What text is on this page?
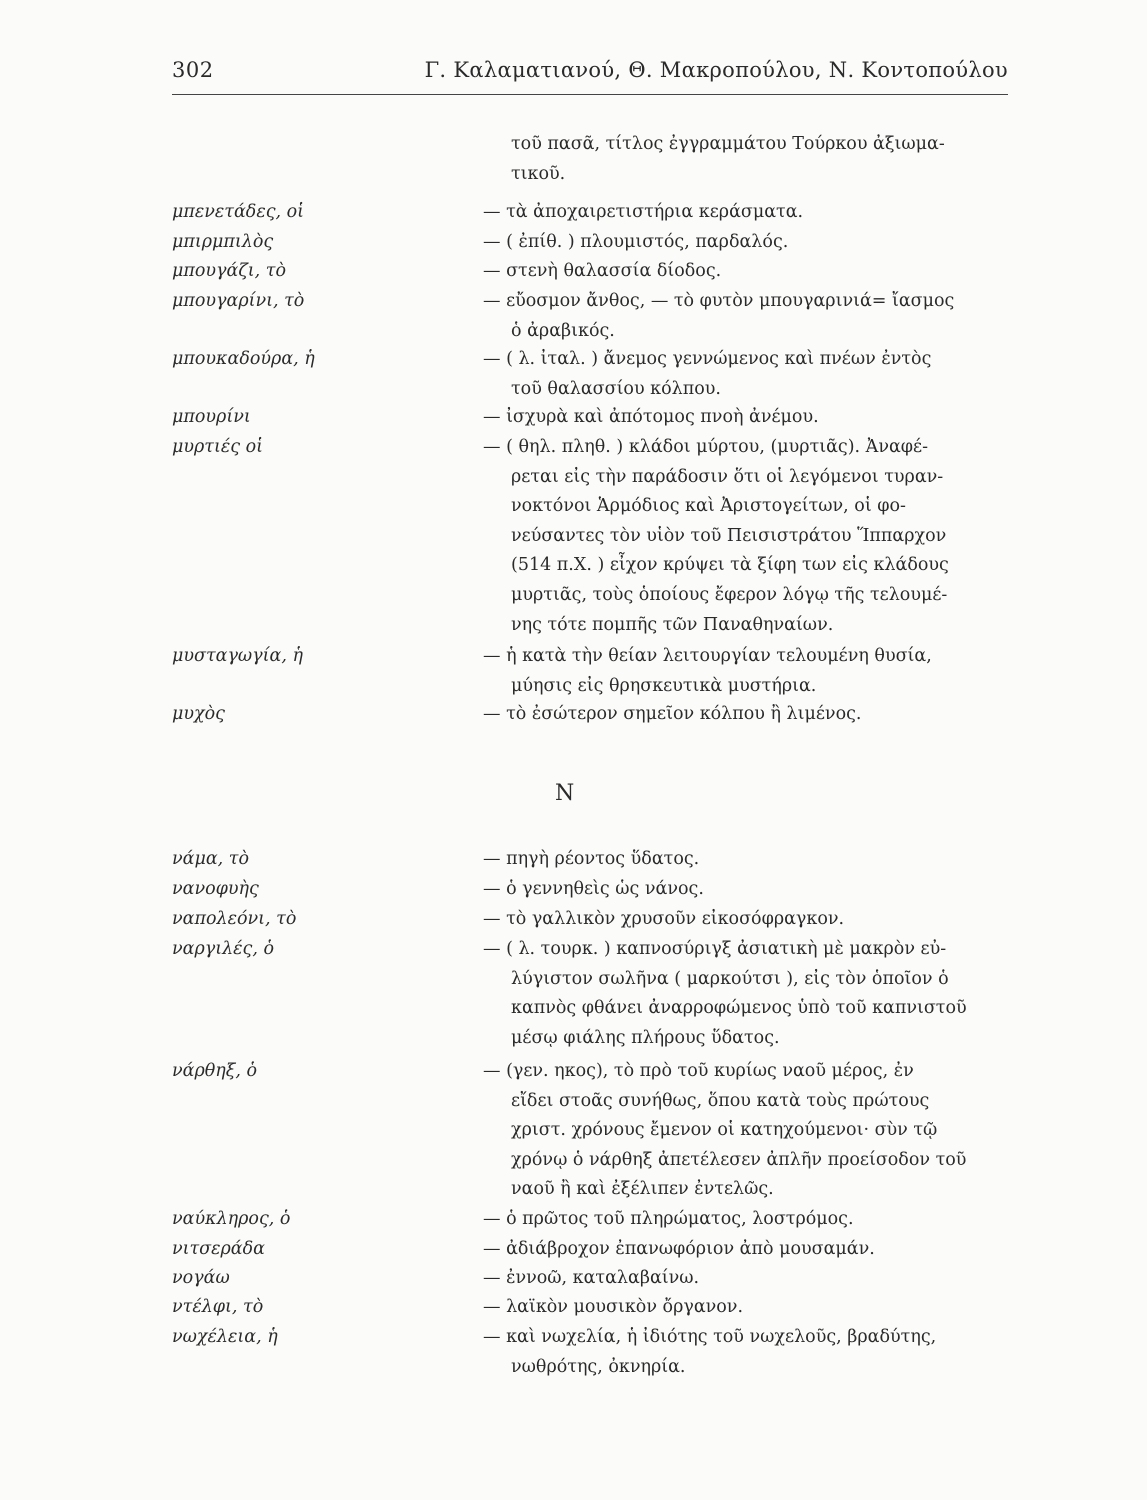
302	Γ. Καλαματιανού, Θ. Μακροπούλου, Ν. Κοντοπούλου

τοῦ πασᾶ, τίτλος ἐγγραμμάτου Τούρκου ἀξιωμα-

τικοῦ.

μπενετάδες, οἱ	— τὰ ἀποχαιρετιστήρια κεράσματα.

μπιρμπιλὸς	— ( ἐπίθ. ) πλουμιστός, παρδαλός.

μπουγάζι, τὸ	— στενὴ θαλασσία δίοδος.

μπουγαρίνι, τὸ	— εὔοσμον ἄνθος, — τὸ φυτὸν μπουγαρινιά= ἴασμος

ὁ ἀραβικός.

μπουκαδούρα, ἡ	— ( λ. ἰταλ. ) ἄνεμος γεννώμενος καὶ πνέων ἐντὸς

τοῦ θαλασσίου κόλπου.

μπουρίνι	— ἰσχυρὰ καὶ ἀπότομος πνοὴ ἀνέμου.

μυρτιές οἱ	— ( θηλ. πληθ. ) κλάδοι μύρτου, (μυρτιᾶς). Ἀναφέ-

ρεται εἰς τὴν παράδοσιν ὅτι οἱ λεγόμενοι τυραν-

νοκτόνοι Ἁρμόδιος καὶ Ἀριστογείτων, οἱ φο-

νεύσαντες τὸν υἱὸν τοῦ Πεισιστράτου Ἵππαρχον

(514 π.Χ. ) εἶχον κρύψει τὰ ξίφη των εἰς κλάδους

μυρτιᾶς, τοὺς ὁποίους ἔφερον λόγῳ τῆς τελουμέ-

νης τότε πομπῆς τῶν Παναθηναίων.

μυσταγωγία, ἡ	— ἡ κατὰ τὴν θείαν λειτουργίαν τελουμένη θυσία,

μύησις εἰς θρησκευτικὰ μυστήρια.

μυχὸς	— τὸ ἐσώτερον σημεῖον κόλπου ἢ λιμένος.

Ν
νάμα, τὸ	— πηγὴ ρέοντος ὕδατος.

νανοφυὴς	— ὁ γεννηθεὶς ὡς νάνος.

ναπολεόνι, τὸ	— τὸ γαλλικὸν χρυσοῦν εἰκοσόφραγκον.

ναργιλές, ὁ	— ( λ. τουρκ. ) καπνοσύριγξ ἀσιατικὴ μὲ μακρὸν εὐ-

λύγιστον σωλῆνα ( μαρκούτσι ), εἰς τὸν ὁποῖον ὁ

καπνὸς φθάνει ἀναρροφώμενος ὑπὸ τοῦ καπνιστοῦ

μέσῳ φιάλης πλήρους ὕδατος.

νάρθηξ, ὁ	— (γεν. ηκος), τὸ πρὸ τοῦ κυρίως ναοῦ μέρος, ἐν

εἴδει στοᾶς συνήθως, ὅπου κατὰ τοὺς πρώτους

χριστ. χρόνους ἔμενον οἱ κατηχούμενοι· σὺν τῷ

χρόνῳ ὁ νάρθηξ ἀπετέλεσεν ἀπλῆν προείσοδον τοῦ

ναοῦ ἢ καὶ ἐξέλιπεν ἐντελῶς.

ναύκληρος, ὁ	— ὁ πρῶτος τοῦ πληρώματος, λοστρόμος.

νιτσεράδα	— ἀδιάβροχον ἐπανωφόριον ἀπὸ μουσαμάν.

νογάω	— ἐννοῶ, καταλαβαίνω.

ντέλφι, τὸ	— λαϊκὸν μουσικὸν ὄργανον.

νωχέλεια, ἡ	— καὶ νωχελία, ἡ ἰδιότης τοῦ νωχελοῦς, βραδύτης,

νωθρότης, ὀκνηρία.
